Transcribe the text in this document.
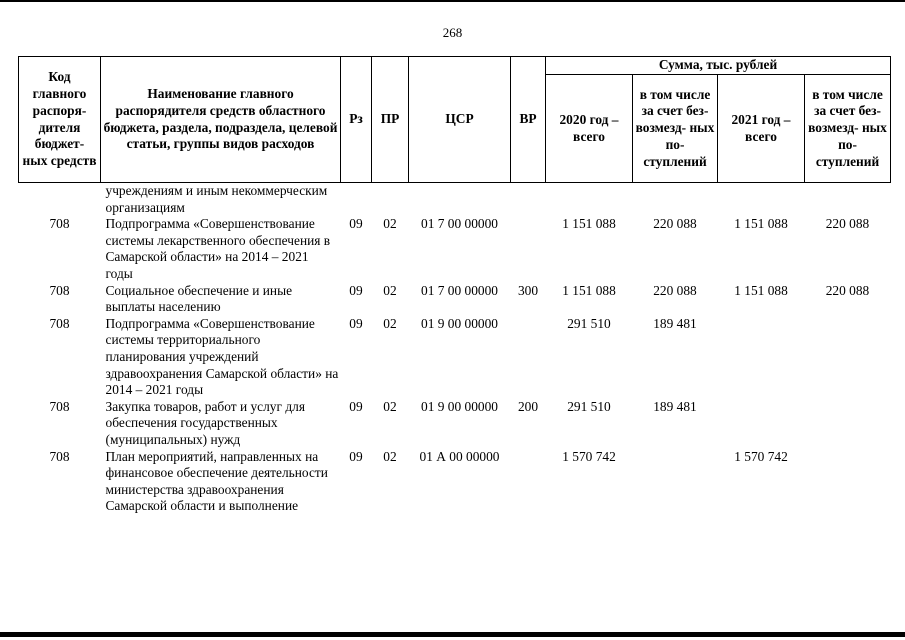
268
Код главного распоря- дителя бюджет- ных средств	Наименование главного распорядителя средств областного бюджета, раздела, подраздела, целевой статьи, группы видов расходов	Рз	ПР	ЦСР	ВР	Сумма, тыс. рублей			
						2020 год – всего	в том числе за счет без- возмезд- ных по- ступлений	2021 год – всего	в том числе за счет без- возмезд- ных по- ступлений
	учреждениям и иным некоммерческим организациям								
708	Подпрограмма «Совершенствование системы лекарственного обеспечения в Самарской области» на 2014 – 2021 годы	09	02	01 7 00 00000		1 151 088	220 088	1 151 088	220 088
708	Социальное обеспечение и иные выплаты населению	09	02	01 7 00 00000	300	1 151 088	220 088	1 151 088	220 088
708	Подпрограмма «Совершенствование системы территориального планирования учреждений здравоохранения Самарской области» на 2014 – 2021 годы	09	02	01 9 00 00000		291 510	189 481		
708	Закупка товаров, работ и услуг для обеспечения государственных (муниципальных) нужд	09	02	01 9 00 00000	200	291 510	189 481		
708	План мероприятий, направленных на финансовое обеспечение деятельности министерства здравоохранения Самарской области и выполнение	09	02	01 А 00 00000		1 570 742		1 570 742	
